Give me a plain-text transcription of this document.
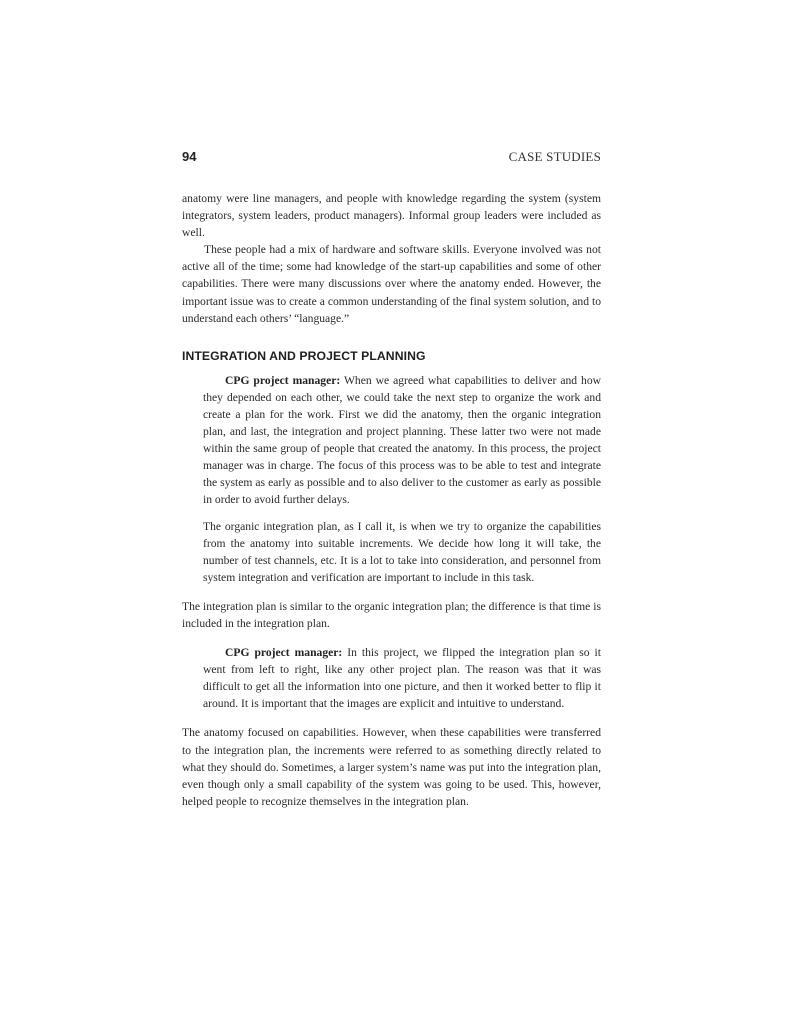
94	CASE STUDIES

anatomy were line managers, and people with knowledge regarding the system (system integrators, system leaders, product managers). Informal group leaders were included as well.

These people had a mix of hardware and software skills. Everyone involved was not active all of the time; some had knowledge of the start-up capabilities and some of other capabilities. There were many discussions over where the anatomy ended. However, the important issue was to create a common understanding of the final system solution, and to understand each others’ “language.”

INTEGRATION AND PROJECT PLANNING

CPG project manager: When we agreed what capabilities to deliver and how they depended on each other, we could take the next step to organize the work and create a plan for the work. First we did the anatomy, then the organic integration plan, and last, the integration and project planning. These latter two were not made within the same group of people that created the anatomy. In this process, the project manager was in charge. The focus of this process was to be able to test and integrate the system as early as possible and to also deliver to the customer as early as possible in order to avoid further delays.

The organic integration plan, as I call it, is when we try to organize the capabilities from the anatomy into suitable increments. We decide how long it will take, the number of test channels, etc. It is a lot to take into consideration, and personnel from system integration and verification are important to include in this task.

The integration plan is similar to the organic integration plan; the difference is that time is included in the integration plan.

CPG project manager: In this project, we flipped the integration plan so it went from left to right, like any other project plan. The reason was that it was difficult to get all the information into one picture, and then it worked better to flip it around. It is important that the images are explicit and intuitive to understand.

The anatomy focused on capabilities. However, when these capabilities were transferred to the integration plan, the increments were referred to as something directly related to what they should do. Sometimes, a larger system’s name was put into the integration plan, even though only a small capability of the system was going to be used. This, however, helped people to recognize themselves in the integration plan.
